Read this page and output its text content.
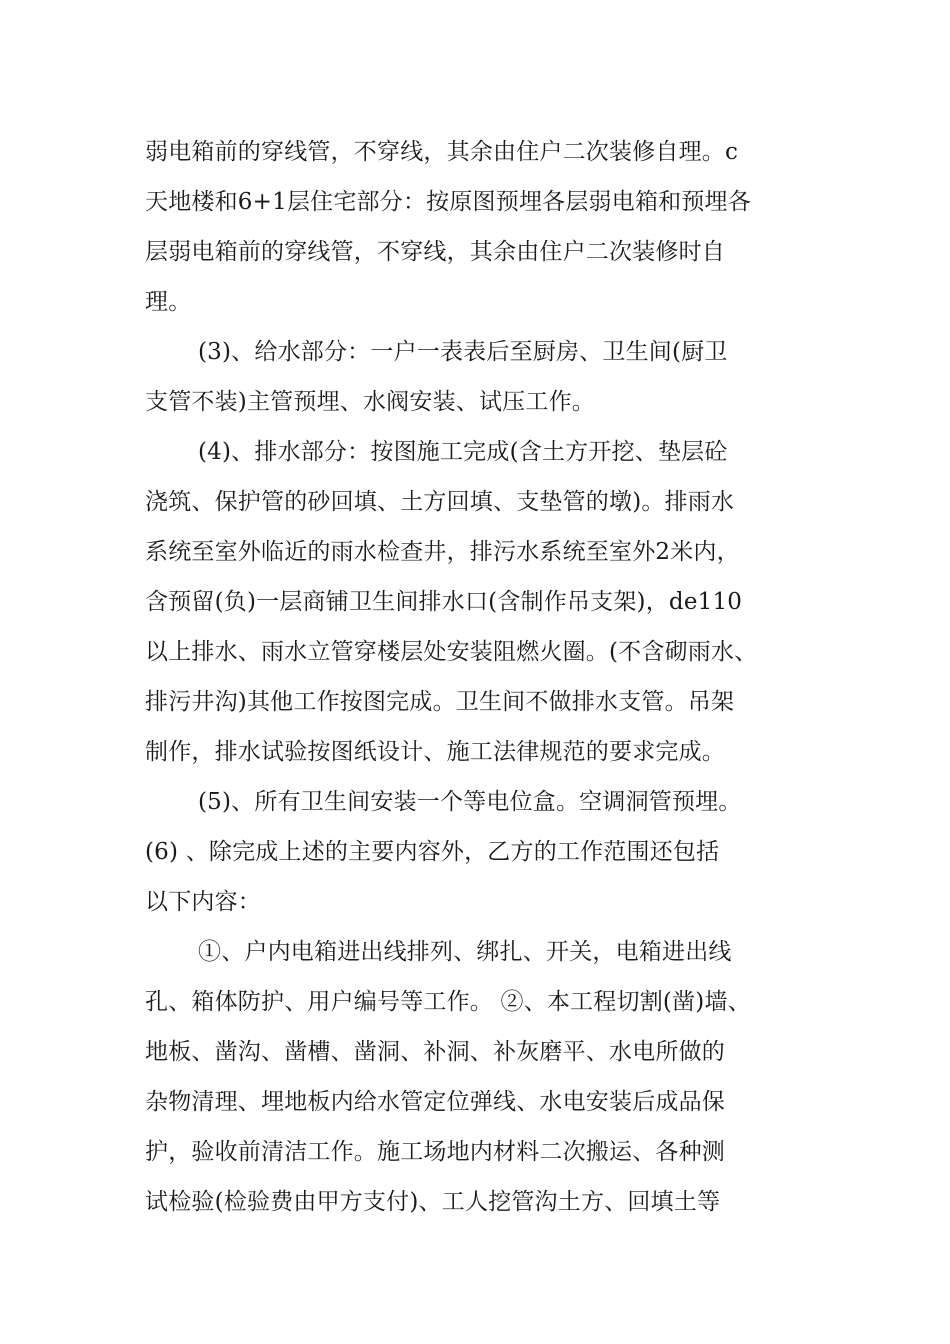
弱电箱前的穿线管，不穿线，其余由住户二次装修自理。c
天地楼和6+1层住宅部分：按原图预埋各层弱电箱和预埋各
层弱电箱前的穿线管，不穿线，其余由住户二次装修时自
理。
(3)、给水部分：一户一表表后至厨房、卫生间(厨卫
支管不装)主管预埋、水阀安装、试压工作。
(4)、排水部分：按图施工完成(含土方开挖、垫层砼
浇筑、保护管的砂回填、土方回填、支垫管的墩)。排雨水
系统至室外临近的雨水检查井，排污水系统至室外2米内，
含预留(负)一层商铺卫生间排水口(含制作吊支架)，de110
以上排水、雨水立管穿楼层处安装阻燃火圈。(不含砌雨水、
排污井沟)其他工作按图完成。卫生间不做排水支管。吊架
制作，排水试验按图纸设计、施工法律规范的要求完成。
(5)、所有卫生间安装一个等电位盒。空调洞管预埋。
(6) 、除完成上述的主要内容外，乙方的工作范围还包括
以下内容：
①、户内电箱进出线排列、绑扎、开关，电箱进出线
孔、箱体防护、用户编号等工作。 ②、本工程切割(凿)墙、
地板、凿沟、凿槽、凿洞、补洞、补灰磨平、水电所做的
杂物清理、埋地板内给水管定位弹线、水电安装后成品保
护，验收前清洁工作。施工场地内材料二次搬运、各种测
试检验(检验费由甲方支付)、工人挖管沟土方、回填土等
